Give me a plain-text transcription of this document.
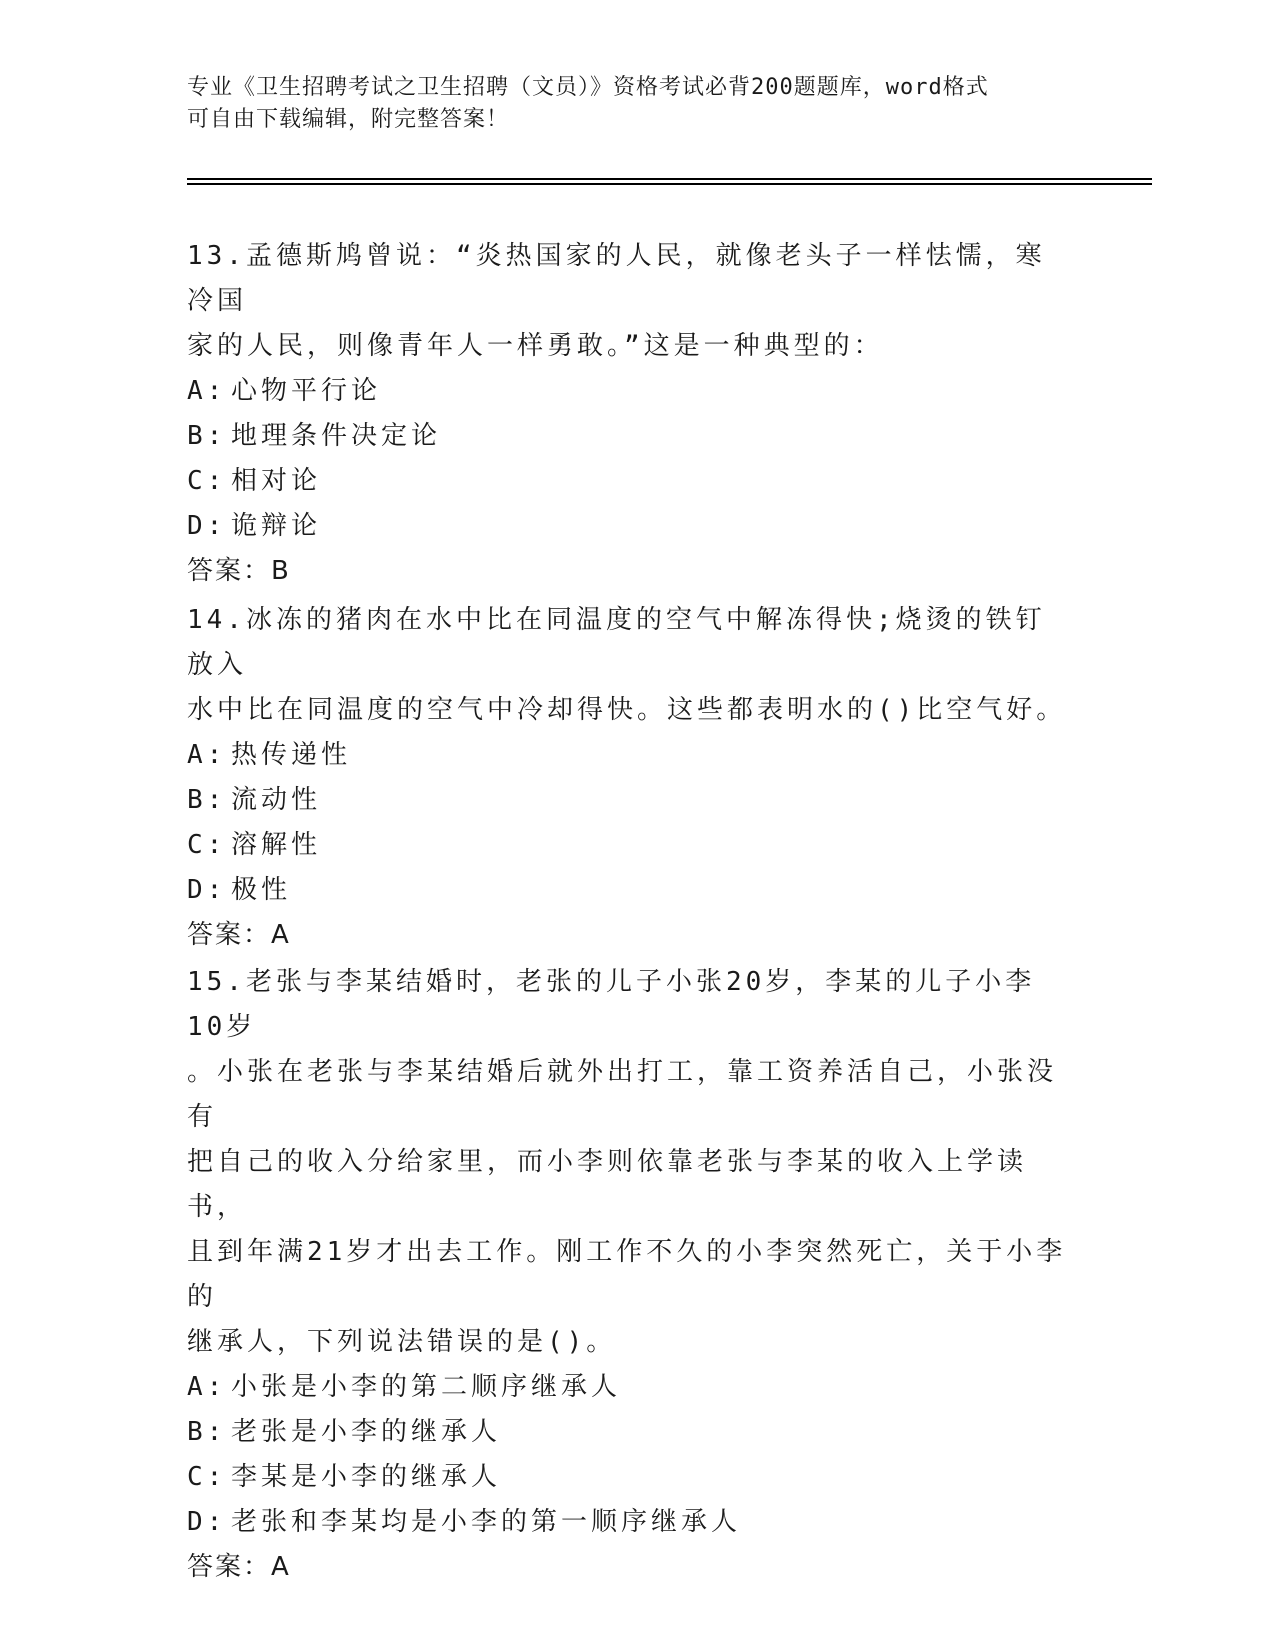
专业《卫生招聘考试之卫生招聘（文员）》资格考试必背200题题库，word格式
可自由下载编辑，附完整答案！

13.孟德斯鸠曾说：“炎热国家的人民，就像老头子一样怯懦，寒冷国

家的人民，则像青年人一样勇敢。”这是一种典型的：

A: 心物平行论

B: 地理条件决定论

C: 相对论

D: 诡辩论

答案：B

14.冰冻的猪肉在水中比在同温度的空气中解冻得快;烧烫的铁钉放入

水中比在同温度的空气中冷却得快。这些都表明水的()比空气好。

A: 热传递性

B: 流动性

C: 溶解性

D: 极性

答案：A

15.老张与李某结婚时，老张的儿子小张20岁，李某的儿子小李10岁

。小张在老张与李某结婚后就外出打工，靠工资养活自己，小张没有

把自己的收入分给家里，而小李则依靠老张与李某的收入上学读书，

且到年满21岁才出去工作。刚工作不久的小李突然死亡，关于小李的

继承人，下列说法错误的是()。

A: 小张是小李的第二顺序继承人

B: 老张是小李的继承人

C: 李某是小李的继承人

D: 老张和李某均是小李的第一顺序继承人

答案：A
